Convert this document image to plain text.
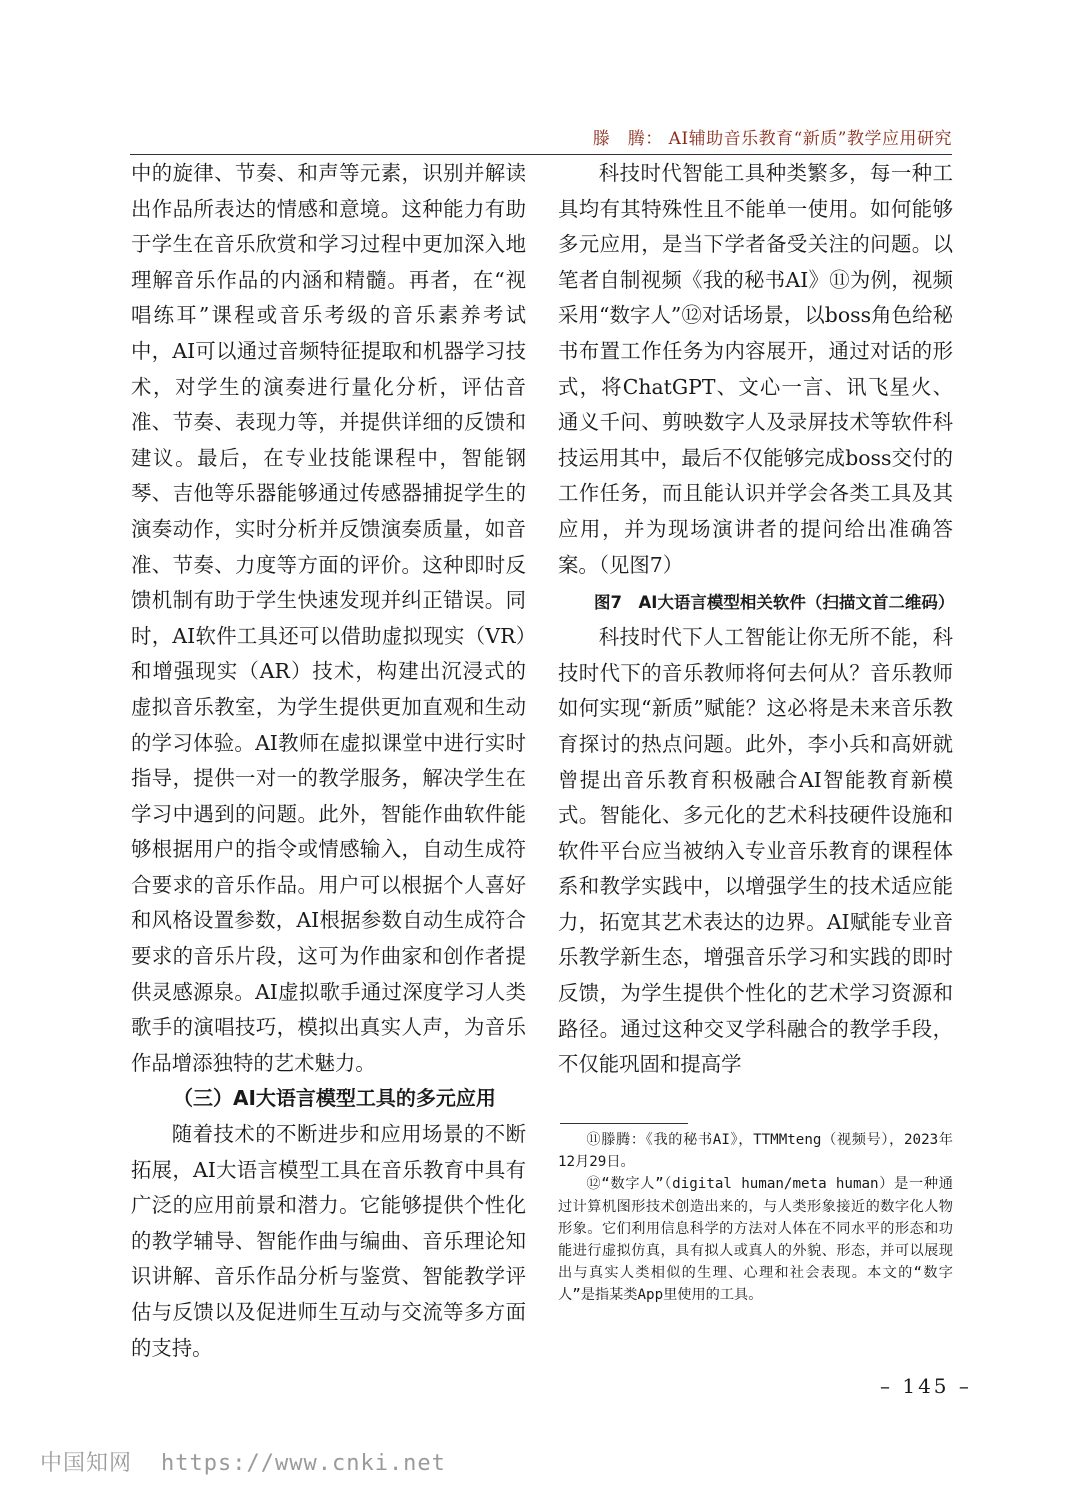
滕　腾： AI辅助音乐教育“新质”教学应用研究

中的旋律、节奏、和声等元素，识别并解读出作品所表达的情感和意境。这种能力有助于学生在音乐欣赏和学习过程中更加深入地理解音乐作品的内涵和精髓。再者，在“视唱练耳”课程或音乐考级的音乐素养考试中，AI可以通过音频特征提取和机器学习技术，对学生的演奏进行量化分析，评估音准、节奏、表现力等，并提供详细的反馈和建议。最后，在专业技能课程中，智能钢琴、吉他等乐器能够通过传感器捕捉学生的演奏动作，实时分析并反馈演奏质量，如音准、节奏、力度等方面的评价。这种即时反馈机制有助于学生快速发现并纠正错误。同时，AI软件工具还可以借助虚拟现实（VR）和增强现实（AR）技术，构建出沉浸式的虚拟音乐教室，为学生提供更加直观和生动的学习体验。AI教师在虚拟课堂中进行实时指导，提供一对一的教学服务，解决学生在学习中遇到的问题。此外，智能作曲软件能够根据用户的指令或情感输入，自动生成符合要求的音乐作品。用户可以根据个人喜好和风格设置参数，AI根据参数自动生成符合要求的音乐片段，这可为作曲家和创作者提供灵感源泉。AI虚拟歌手通过深度学习人类歌手的演唱技巧，模拟出真实人声，为音乐作品增添独特的艺术魅力。

（三）AI大语言模型工具的多元应用

随着技术的不断进步和应用场景的不断拓展，AI大语言模型工具在音乐教育中具有广泛的应用前景和潜力。它能够提供个性化的教学辅导、智能作曲与编曲、音乐理论知识讲解、音乐作品分析与鉴赏、智能教学评估与反馈以及促进师生互动与交流等多方面的支持。

科技时代智能工具种类繁多，每一种工具均有其特殊性且不能单一使用。如何能够多元应用，是当下学者备受关注的问题。以笔者自制视频《我的秘书AI》⑪为例，视频采用“数字人”⑫对话场景，以boss角色给秘书布置工作任务为内容展开，通过对话的形式，将ChatGPT、文心一言、讯飞星火、通义千问、剪映数字人及录屏技术等软件科技运用其中，最后不仅能够完成boss交付的工作任务，而且能认识并学会各类工具及其应用，并为现场演讲者的提问给出准确答案。（见图7）

图7　AI大语言模型相关软件（扫描文首二维码）

科技时代下人工智能让你无所不能，科技时代下的音乐教师将何去何从？音乐教师如何实现“新质”赋能？这必将是未来音乐教育探讨的热点问题。此外，李小兵和高妍就曾提出音乐教育积极融合AI智能教育新模式。智能化、多元化的艺术科技硬件设施和软件平台应当被纳入专业音乐教育的课程体系和教学实践中，以增强学生的技术适应能力，拓宽其艺术表达的边界。AI赋能专业音乐教学新生态，增强音乐学习和实践的即时反馈，为学生提供个性化的艺术学习资源和路径。通过这种交叉学科融合的教学手段，不仅能巩固和提高学

⑪滕腾：《我的秘书AI》，TTMMteng（视频号），2023年12月29日。

⑫“数字人”（digital human/meta human）是一种通过计算机图形技术创造出来的，与人类形象接近的数字化人物形象。它们利用信息科学的方法对人体在不同水平的形态和功能进行虚拟仿真，具有拟人或真人的外貌、形态，并可以展现出与真实人类相似的生理、心理和社会表现。本文的“数字人”是指某类App里使用的工具。

– 145 –
中国知网 https://www.cnki.net
